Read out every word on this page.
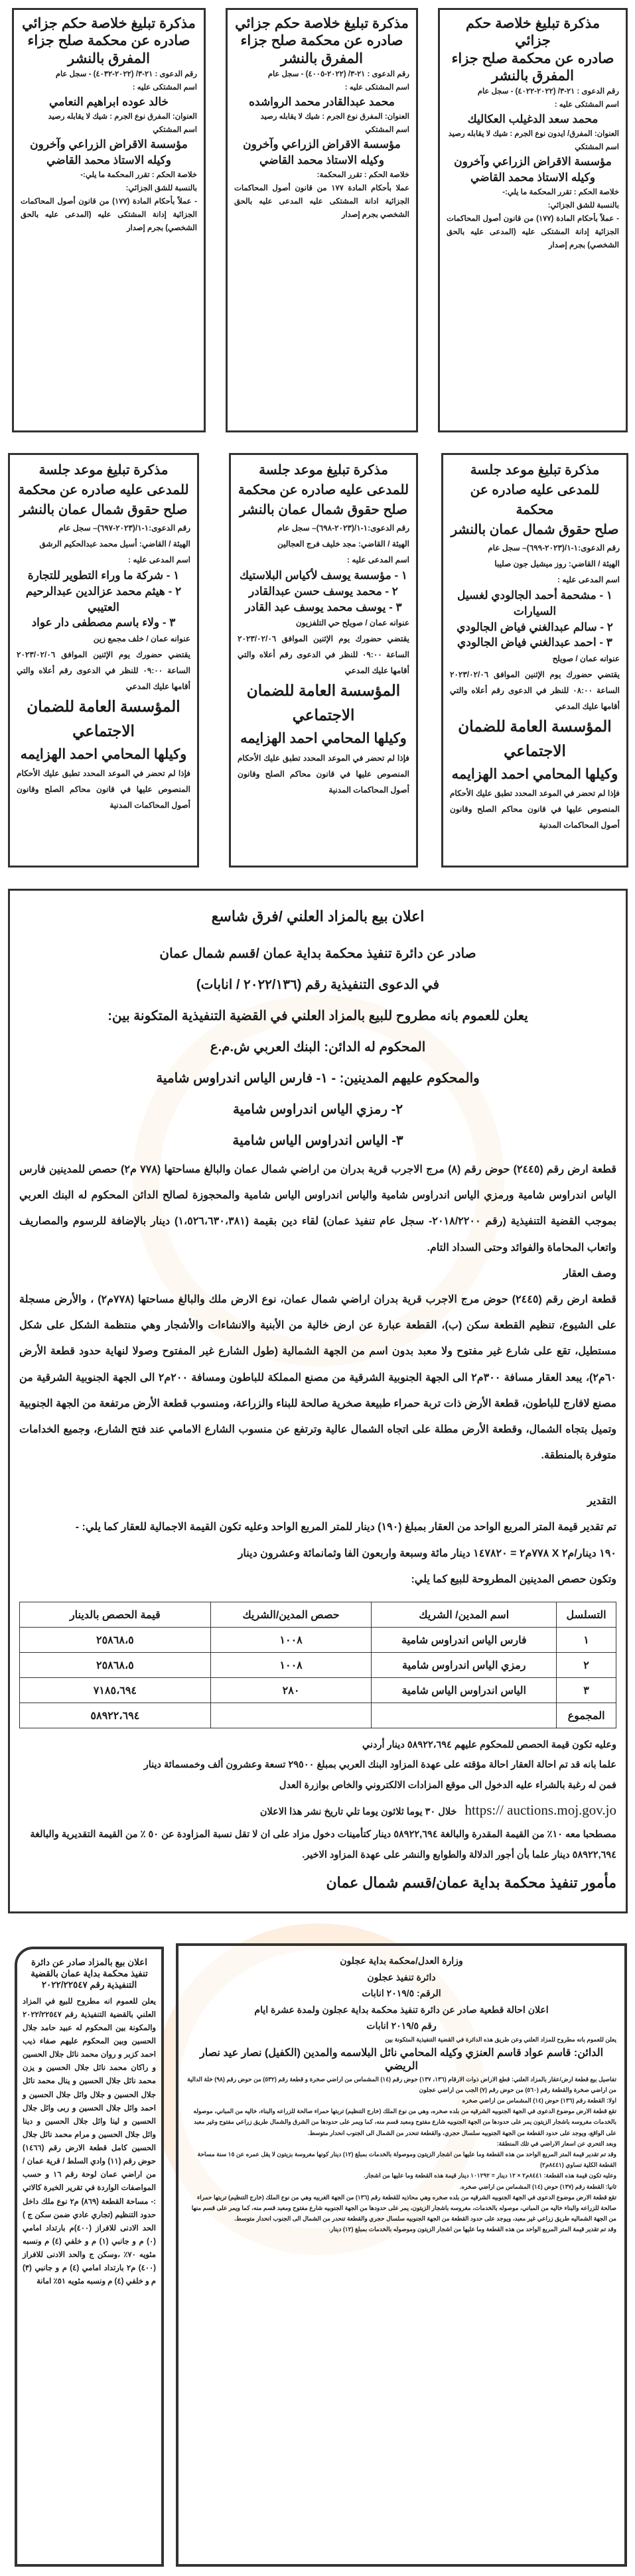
مذكرة تبليغ خلاصة حكم جزائي
صادره عن محكمة صلح جزاء
المفرق بالنشر

رقم الدعوى : ٢١-٣/ (٢٠٢٢-٤٠٢٢) - سجل عام

اسم المشتكى عليه :

محمد سعد الدغيلب العكاليك

العنوان: المفرق/ ايدون نوع الجرم : شيك لا يقابله رصيد

اسم المشتكي

مؤسسة الاقراض الزراعي وآخرون
وكيله الاستاذ محمد القاضي

خلاصة الحكم : تقرر المحكمة ما يلي:-

بالنسبة للشق الجزائي:

- عملاً بأحكام المادة (١٧٧) من قانون أصول المحاكمات الجزائية إدانة المشتكى عليه (المدعى عليه بالحق الشخصي) بجرم إصدار

مذكرة تبليغ خلاصة حكم جزائي
صادره عن محكمة صلح جزاء
المفرق بالنشر

رقم الدعوى : ٢١-٣/ (٢٠٢٢-٤٠٠٥) - سجل عام

اسم المشتكى عليه :

محمد عبدالقادر محمد الرواشده

العنوان: المفرق نوع الجرم : شيك لا يقابله رصيد

اسم المشتكي

مؤسسة الاقراض الزراعي وآخرون
وكيله الاستاذ محمد القاضي

خلاصة الحكم : تقرر المحكمة:

عملا بأحكام المادة ١٧٧ من قانون أصول المحاكمات الجزائية ادانة المشتكى عليه المدعى عليه بالحق الشخصي بجرم إصدار

مذكرة تبليغ خلاصة حكم جزائي
صادره عن محكمة صلح جزاء
المفرق بالنشر

رقم الدعوى : ٢١-٣/ (٢٠٢٢-٤٠٣٢) - سجل عام

اسم المشتكى عليه :

خالد عوده ابراهيم النعامي

العنوان: المفرق نوع الجرم : شيك لا يقابله رصيد

اسم المشتكي

مؤسسة الاقراض الزراعي وآخرون
وكيله الاستاذ محمد القاضي

خلاصة الحكم : تقرر المحكمة ما يلي:-

بالنسبة للشق الجزائي:

- عملاً بأحكام المادة (١٧٧) من قانون أصول المحاكمات الجزائية إدانة المشتكى عليه (المدعى عليه بالحق الشخصي) بجرم إصدار

مذكرة تبليغ موعد جلسة
للمدعى عليه صادره عن محكمة
صلح حقوق شمال عمان بالنشر

رقم الدعوى:١-١/(٢٠٢٣-٦٩٩)– سجل عام

الهيئة / القاضي: روز ميشيل جون صليبا

اسم المدعى عليه :

١ - مشحمة أحمد الجالودي لغسيل السيارات
٢ - سالم عبدالغني فياض الجالودي
٣ - احمد عبدالغني فياض الجالودي

عنوانه عمان / صويلح

يقتضي حضورك يوم الإثنين الموافق ٢٠٢٣/٠٢/٠٦ الساعة ٠٨:٠٠ للنظر في الدعوى رقم أعلاه والتي أقامها عليك المدعي

المؤسسة العامة للضمان الاجتماعي
وكيلها المحامي احمد الهزايمه

فإذا لم تحضر في الموعد المحدد تطبق عليك الأحكام المنصوص عليها في قانون محاكم الصلح وقانون أصول المحاكمات المدنية

مذكرة تبليغ موعد جلسة
للمدعى عليه صادره عن محكمة
صلح حقوق شمال عمان بالنشر

رقم الدعوى:١-١/(٢٠٢٣-٦٩٨)– سجل عام

الهيئة / القاضي: مجد خليف فرج العجالين

اسم المدعى عليه :

١ - مؤسسة يوسف لأكياس البلاستيك
٢ - محمد يوسف حسن عبدالقادر
٣ - يوسف محمد يوسف عبد القادر

عنوانه عمان / صويلح حي التلفزيون

يقتضي حضورك يوم الإثنين الموافق ٢٠٢٣/٠٢/٠٦ الساعة ٠٩:٠٠ للنظر في الدعوى رقم أعلاه والتي أقامها عليك المدعي

المؤسسة العامة للضمان الاجتماعي
وكيلها المحامي احمد الهزايمه

فإذا لم تحضر في الموعد المحدد تطبق عليك الأحكام المنصوص عليها في قانون محاكم الصلح وقانون أصول المحاكمات المدنية

مذكرة تبليغ موعد جلسة
للمدعى عليه صادره عن محكمة
صلح حقوق شمال عمان بالنشر

رقم الدعوى:١-١/(٢٠٢٣-٦٩٧)– سجل عام

الهيئة / القاضي: أسيل محمد عبدالحكيم الرشق

اسم المدعى عليه :

١ - شركة ما وراء التطوير للتجارة
٢ - هيثم محمد عزالدين عبدالرحيم العتيبي
٣ - ولاء باسم مصطفى دار عواد

عنوانه عمان / خلف مجمع زين

يقتضي حضورك يوم الإثنين الموافق ٢٠٢٣/٠٢/٠٦ الساعة ٠٩:٠٠ للنظر في الدعوى رقم أعلاه والتي أقامها عليك المدعي

المؤسسة العامة للضمان الاجتماعي
وكيلها المحامي احمد الهزايمه

فإذا لم تحضر في الموعد المحدد تطبق عليك الأحكام المنصوص عليها في قانون محاكم الصلح وقانون أصول المحاكمات المدنية

اعلان بيع بالمزاد العلني /فرق شاسع
صادر عن دائرة تنفيذ محكمة بداية عمان /قسم شمال عمان
في الدعوى التنفيذية رقم (٢٠٢٢/١٣٦ / انابات)
يعلن للعموم بانه مطروح للبيع بالمزاد العلني في القضية التنفيذية المتكونة بين:
المحكوم له الدائن: البنك العربي ش.م.ع
والمحكوم عليهم المدينين: - ١- فارس الياس اندراوس شامية
٢- رمزي الياس اندراوس شامية
٣- الياس اندراوس الياس شامية

قطعة ارض رقم (٢٤٤٥) حوض رقم (٨) مرج الاجرب قرية بدران من اراضي شمال عمان والبالغ مساحتها (٧٧٨ م٢) حصص للمدينين فارس الياس اندراوس شامية ورمزي الياس اندراوس شامية والياس اندراوس الياس شامية والمحجوزة لصالح الدائن المحكوم له البنك العربي بموجب القضية التنفيذية (رقم ٢٠١٨/٢٢٠٠- سجل عام تنفيذ عمان) لقاء دين بقيمة (١،٥٢٦،٦٣٠،٣٨١) دينار بالإضافة للرسوم والمصاريف واتعاب المحاماة والفوائد وحتى السداد التام.

وصف العقار

قطعة ارض رقم (٢٤٤٥) حوض مرج الاجرب قرية بدران اراضي شمال عمان، نوع الارض ملك والبالغ مساحتها (٧٧٨م٢) ، والأرض مسجلة على الشيوع، تنظيم القطعة سكن (ب)، القطعة عبارة عن ارض خالية من الأبنية والانشاءات والأشجار وهي منتظمة الشكل على شكل مستطيل، تقع على شارع غير مفتوح ولا معبد بدون اسم من الجهة الشمالية (طول الشارع غير المفتوح وصولا لنهاية حدود قطعة الأرض ٦٠م٢)، يبعد العقار مسافة ٣٠٠م٢ الى الجهة الجنوبية الشرقية من مصنع المملكة للباطون ومسافة ٢٠٠م٢ الى الجهة الجنوبية الشرقية من مصنع لافارج للباطون، قطعة الأرض ذات تربة حمراء طبيعة صخرية صالحة للبناء والزراعة، ومنسوب قطعة الأرض مرتفعة من الجهة الجنوبية وتميل بتجاه الشمال، وقطعة الأرض مطلة على اتجاه الشمال عالية وترتفع عن منسوب الشارع الامامي عند فتح الشارع، وجميع الخدامات متوفرة بالمنطقة.

التقدير

تم تقدير قيمة المتر المربع الواحد من العقار بمبلغ (١٩٠) دينار للمتر المربع الواحد وعليه تكون القيمة الاجمالية للعقار كما يلي: -

١٩٠ دينار/م٢ X ٧٧٨م٢ = ١٤٧٨٢٠ دينار مائة وسبعة واربعون الفا وثمانمائة وعشرون دينار

وتكون حصص المدينين المطروحة للبيع كما يلي:

التسلسل	اسم المدين/ الشريك	حصص المدين/الشريك	قيمة الحصص بالدينار
١	فارس الياس اندراوس شامية	١٠٠٨	٢٥٨٦٨،٥
٢	رمزي الياس اندراوس شامية	١٠٠٨	٢٥٨٦٨،٥
٣	الياس اندراوس الياس شامية	٢٨٠	٧١٨٥،٦٩٤
المجموع			٥٨٩٢٢،٦٩٤

وعليه تكون قيمة الحصص للمحكوم عليهم ٥٨٩٢٢،٦٩٤ دينار أردني

علما بانه قد تم احالة العقار احالة مؤقته على عهدة المزاود البنك العربي بمبلغ ٢٩٥٠٠ تسعة وعشرون ألف وخمسمائة دينار

فمن له رغبة بالشراء عليه الدخول الى موقع المزادات الالكتروني والخاص بوازرة العدل

https:// auctions.moj.gov.jo   خلال ٣٠ يوما ثلاثون يوما تلي تاريخ نشر هذا الاعلان

مصطحبا معه ١٠٪ من القيمة المقدرة والبالغة ٥٨٩٢٢,٦٩٤ دينار كتأمينات دخول مزاد على ان لا تقل نسبة المزاودة عن ٥٠ ٪ من القيمة التقديرية والبالغة ٥٨٩٢٢,٦٩٤ دينار علما بأن أجور الدلالة والطوابع والنشر على عهدة المزاود الاخير.

مأمور تنفيذ محكمة بداية عمان/قسم شمال عمان
اعلان بيع بالمزاد صادر عن دائرة تنفيذ محكمة بداية عمان بالقضية التنفيذية رقم ٢٠٢٢/٢٢٥٤٧

يعلن للعموم انه مطروح للبيع في المزاد العلني بالقضية التنفيذية رقم ٢٠٢٢/٢٢٥٤٧ والمكونة بين المحكوم له عبيد حامد جلال الحسين وبين المحكوم عليهم صفاء ذيب احمد كزبر و روان محمد نائل جلال الحسين و راكان محمد نائل جلال الحسين و يزن محمد نائل جلال الحسين و ينال محمد نائل جلال الحسين و جلال وائل جلال الحسين و احمد وائل جلال الحسين و ربى وائل جلال الحسين و لينا وائل جلال الحسين و دينا وائل جلال الحسين و مرام محمد نائل جلال الحسين كامل قطعة الارض رقم (١٤٦٦) حوض رقم (١١) وادي السلط / قرية عمان / من اراضي عمان لوحة رقم ١٦ و حسب المواصفات الواردة في تقرير الخبرة كالاتي :- مساحة القطعة (٨٦٩) م٢ نوع ملك داخل حدود التنظيم (تجاري عادي ضمن سكن ج ) الحد الادنى للافراز (٤٠٠)م بارتداد امامي (٠) م و جانبي (١) م و خلفي (٤) م ونسبه مئويه ٧٠٪ ،وسكن ج والحد الادنى للافراز (٤٠٠) م٢ بارتداد امامي (٤) م و جانبي (٣) م و خلفي (٤) م ونسبه مئويه ٥١٪ امانة

وزارة العدل/محكمة بداية عجلون
دائرة تنفيذ عجلون
الرقم: ٢٠١٩/٥ انابات
اعلان احالة قطعية صادر عن دائرة تنفيذ محكمة بداية عجلون ولمدة عشرة ايام
رقم ٢٠١٩/٥ انابات

يعلن للعموم بانه مطروح للمزاد العلني وعن طريق هذه الدائرة في القضية التنفيذية المتكونة بين

الدائن: قاسم عواد قاسم العنزي وكيله المحامي نائل البلاسمه والمدين (الكفيل) نصار عيد نصار الريضي

تفاصيل بيع قطعة ارض/عقار بالمزاد العلني: قطع الاراض ذوات الارقام (١٣٦، ١٣٧) حوض رقم (١٤) المشماس من اراضي صخرة و قطعة رقم (٥٣٢) من حوض رقم (٩٨) خلة الدالية من اراضي صخرة والقطعة رقم (٥٦٠) من حوض رقم (٧) الجب من اراضي عجلون

اولا: القطعة رقم (١٣٦) حوض (١٤) المشماس من اراضي صخره

تقع قطعة الارض موضوع الدعوى في الجهة الجنوبيه الشرقيه من بلده صخره، وهي من نوع الملك (خارج التنظيم) تربتها حمراء صالحة للزراعه والبناء، خاليه من المباني، موصوله بالخدمات مغروسه باشجار الزيتون يمر على حدودها من الجهة الجنوبيه شارع مفتوح ومعبد قسم منه، كما ويمر على حدودها من الشرق والشمال طريق زراعي مفتوح وغير معبد على الواقع، ويوجد على حدود القطعة من الجهة الجنوبيه سلسال حجري، والقطعة تنحدر من الشمال الى الجنوب انحدار متوسط.

وبعد التحري عن اسعار الاراضي في تلك المنطقة:

وقد تم تقدير قيمة المتر المربع الواحد من هذه القطعة وما عليها من اشجار الزيتون وموصولة بالخدمات بمبلغ (١٢) دينار كونها مغروسة بزيتون لا يقل عمره عن ١٥ سنة مساحة القطعة الكلية تساوي (٨٤٤١م٢)

وعليه تكون قيمة هذه القطعة: ٨٤٤١م٢ × ١٢ دينار = ١٠١٢٩٢ دينار قيمة هذه القطعة وما عليها من اشجار.

ثانيا: القطعة رقم (١٣٧) حوض (١٤) المشماس من اراضي صخره.

تقع قطعة الارض موضوع الدعوى في الجهة الجنوبيه الشرقيه من بلده صخره وهي محاذيه للقطعة رقم (١٣٦) من الجهة الغربيه وهي من نوع الملك (خارج التنظيم) تربتها حمراء صالحة للزراعه والبناء خاليه من المباني، موصوله بالخدمات، مغروسه باشجار الزيتون، يمر على حدودها من الجهة الجنوبيه شارع مفتوح ومعبد قسم منه، كما ويمر على قسم منها من الجهة الشماليه طريق زراعي غير معبد، ويوجد على حدود القطعة من الجهة الجنوبيه سلسال حجري والقطعة تنحدر من الشمال الى الجنوب انحدار متوسط.

وقد تم تقدير قيمة المتر المربع الواحد من هذه القطعة وما عليها من اشجار الزيتون وموصوله بالخدمات بمبلغ (١٢) دينار.
